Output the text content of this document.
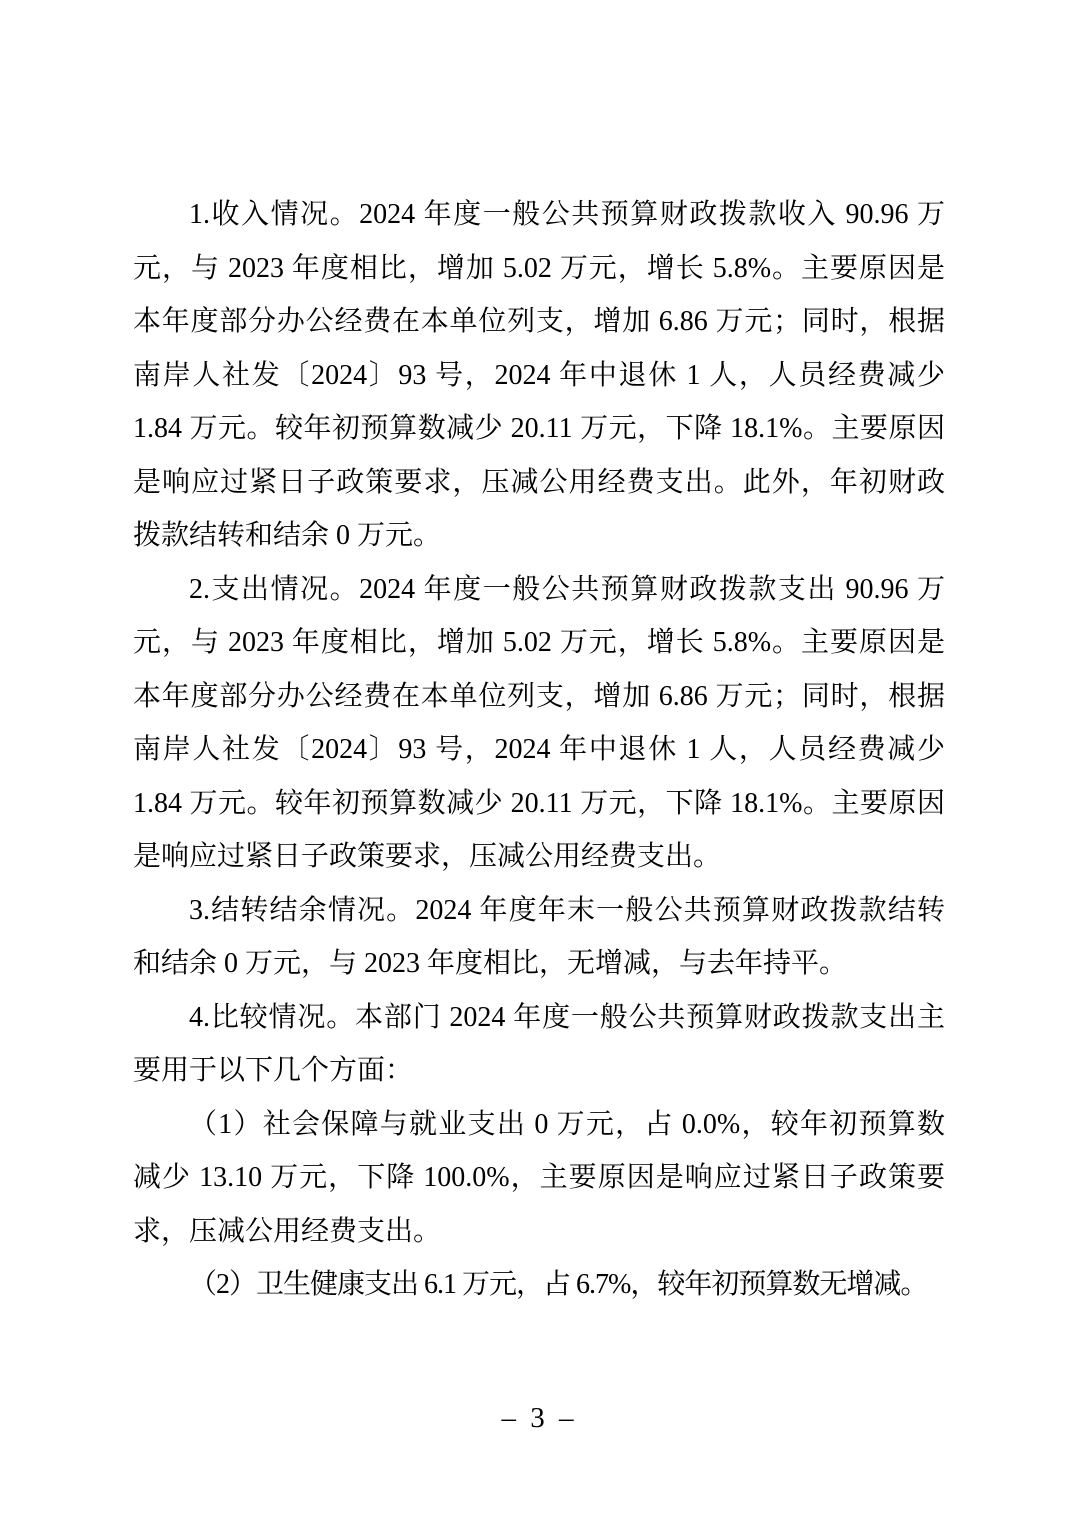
1.收入情况。2024 年度一般公共预算财政拨款收入 90.96 万
元，与 2023 年度相比，增加 5.02 万元，增长 5.8%。主要原因是
本年度部分办公经费在本单位列支，增加 6.86 万元；同时，根据
南岸人社发〔2024〕93 号，2024 年中退休 1 人，人员经费减少
1.84 万元。较年初预算数减少 20.11 万元，下降 18.1%。主要原因
是响应过紧日子政策要求，压减公用经费支出。此外，年初财政
拨款结转和结余 0 万元。
2.支出情况。2024 年度一般公共预算财政拨款支出 90.96 万
元，与 2023 年度相比，增加 5.02 万元，增长 5.8%。主要原因是
本年度部分办公经费在本单位列支，增加 6.86 万元；同时，根据
南岸人社发〔2024〕93 号，2024 年中退休 1 人，人员经费减少
1.84 万元。较年初预算数减少 20.11 万元，下降 18.1%。主要原因
是响应过紧日子政策要求，压减公用经费支出。
3.结转结余情况。2024 年度年末一般公共预算财政拨款结转
和结余 0 万元，与 2023 年度相比，无增减，与去年持平。
4.比较情况。本部门 2024 年度一般公共预算财政拨款支出主
要用于以下几个方面：
（1）社会保障与就业支出 0 万元，占 0.0%，较年初预算数
减少 13.10 万元，下降 100.0%，主要原因是响应过紧日子政策要
求，压减公用经费支出。
（2）卫生健康支出 6.1 万元，占 6.7%，较年初预算数无增减。
– 3 –
